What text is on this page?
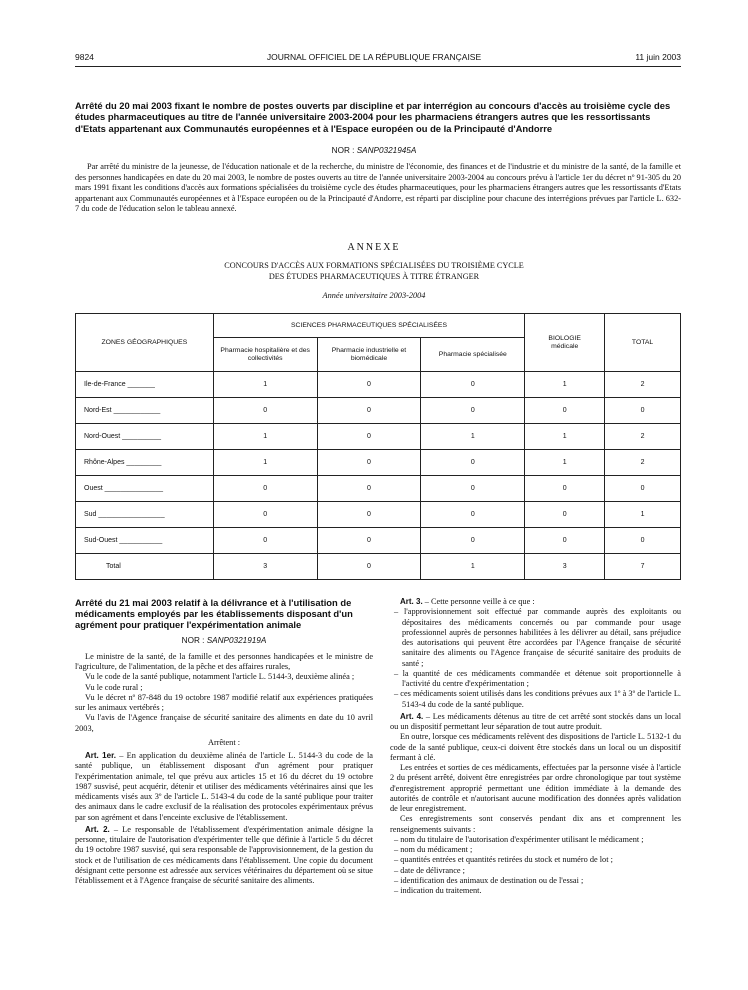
9824	JOURNAL OFFICIEL DE LA RÉPUBLIQUE FRANÇAISE	11 juin 2003
Arrêté du 20 mai 2003 fixant le nombre de postes ouverts par discipline et par interrégion au concours d'accès au troisième cycle des études pharmaceutiques au titre de l'année universitaire 2003-2004 pour les pharmaciens étrangers autres que les ressortissants d'Etats appartenant aux Communautés européennes et à l'Espace européen ou de la Principauté d'Andorre
NOR : SANP0321945A

Par arrêté du ministre de la jeunesse, de l'éducation nationale et de la recherche, du ministre de l'économie, des finances et de l'industrie et du ministre de la santé, de la famille et des personnes handicapées en date du 20 mai 2003, le nombre de postes ouverts au titre de l'année universitaire 2003-2004 au concours prévu à l'article 1er du décret nº 91-305 du 20 mars 1991 fixant les conditions d'accès aux formations spécialisées du troisième cycle des études pharmaceutiques, pour les pharmaciens étrangers autres que les ressortissants d'Etats appartenant aux Communautés européennes et à l'Espace européen ou de la Principauté d'Andorre, est réparti par discipline pour chacune des interrégions prévues par l'article L. 632-7 du code de l'éducation selon le tableau annexé.

ANNEXE
CONCOURS D'ACCÈS AUX FORMATIONS SPÉCIALISÉES DU TROISIÈME CYCLE
DES ÉTUDES PHARMACEUTIQUES À TITRE ÉTRANGER
Année universitaire 2003-2004
ZONES GÉOGRAPHIQUES	SCIENCES PHARMACEUTIQUES SPÉCIALISÉES			BIOLOGIE médicale	TOTAL
	Pharmacie hospitalière et des collectivités	Pharmacie industrielle et biomédicale	Pharmacie spécialisée		
Ile-de-France _______	1	0	0	1	2
Nord-Est ____________	0	0	0	0	0
Nord-Ouest __________	1	0	1	1	2
Rhône-Alpes _________	1	0	0	1	2
Ouest _______________	0	0	0	0	0
Sud _________________	0	0	0	0	1
Sud-Ouest ___________	0	0	0	0	0
Total	3	0	1	3	7
Arrêté du 21 mai 2003 relatif à la délivrance et à l'utilisation de médicaments employés par les établissements disposant d'un agrément pour pratiquer l'expérimentation animale
NOR : SANP0321919A

Le ministre de la santé, de la famille et des personnes handicapées et le ministre de l'agriculture, de l'alimentation, de la pêche et des affaires rurales,

Vu le code de la santé publique, notamment l'article L. 5144-3, deuxième alinéa ;

Vu le code rural ;

Vu le décret nº 87-848 du 19 octobre 1987 modifié relatif aux expériences pratiquées sur les animaux vertébrés ;

Vu l'avis de l'Agence française de sécurité sanitaire des aliments en date du 10 avril 2003,

Arrêtent :

Art. 1er. – En application du deuxième alinéa de l'article L. 5144-3 du code de la santé publique, un établissement disposant d'un agrément pour pratiquer l'expérimentation animale, tel que prévu aux articles 15 et 16 du décret du 19 octobre 1987 susvisé, peut acquérir, détenir et utiliser des médicaments vétérinaires ainsi que les médicaments visés aux 3º de l'article L. 5143-4 du code de la santé publique pour traiter des animaux dans le cadre exclusif de la réalisation des protocoles expérimentaux prévus par son agrément et dans l'enceinte exclusive de l'établissement.

Art. 2. – Le responsable de l'établissement d'expérimentation animale désigne la personne, titulaire de l'autorisation d'expérimenter telle que définie à l'article 5 du décret du 19 octobre 1987 susvisé, qui sera responsable de l'approvisionnement, de la gestion du stock et de l'utilisation de ces médicaments dans l'établissement. Une copie du document désignant cette personne est adressée aux services vétérinaires du département où se situe l'établissement et à l'Agence française de sécurité sanitaire des aliments.

Art. 3. – Cette personne veille à ce que :

– l'approvisionnement soit effectué par commande auprès des exploitants ou dépositaires des médicaments concernés ou par commande pour usage professionnel auprès de personnes habilitées à les délivrer au détail, sans préjudice des autorisations qui peuvent être accordées par l'Agence française de sécurité sanitaire des aliments ou l'Agence française de sécurité sanitaire des produits de santé ;
– la quantité de ces médicaments commandée et détenue soit proportionnelle à l'activité du centre d'expérimentation ;
– ces médicaments soient utilisés dans les conditions prévues aux 1º à 3º de l'article L. 5143-4 du code de la santé publique.

Art. 4. – Les médicaments détenus au titre de cet arrêté sont stockés dans un local ou un dispositif permettant leur séparation de tout autre produit.

En outre, lorsque ces médicaments relèvent des dispositions de l'article L. 5132-1 du code de la santé publique, ceux-ci doivent être stockés dans un local ou un dispositif fermant à clé.

Les entrées et sorties de ces médicaments, effectuées par la personne visée à l'article 2 du présent arrêté, doivent être enregistrées par ordre chronologique par tout système d'enregistrement approprié permettant une édition immédiate à la demande des autorités de contrôle et n'autorisant aucune modification des données après validation de leur enregistrement.

Ces enregistrements sont conservés pendant dix ans et comprennent les renseignements suivants :

– nom du titulaire de l'autorisation d'expérimenter utilisant le médicament ;
– nom du médicament ;
– quantités entrées et quantités retirées du stock et numéro de lot ;
– date de délivrance ;
– identification des animaux de destination ou de l'essai ;
– indication du traitement.
